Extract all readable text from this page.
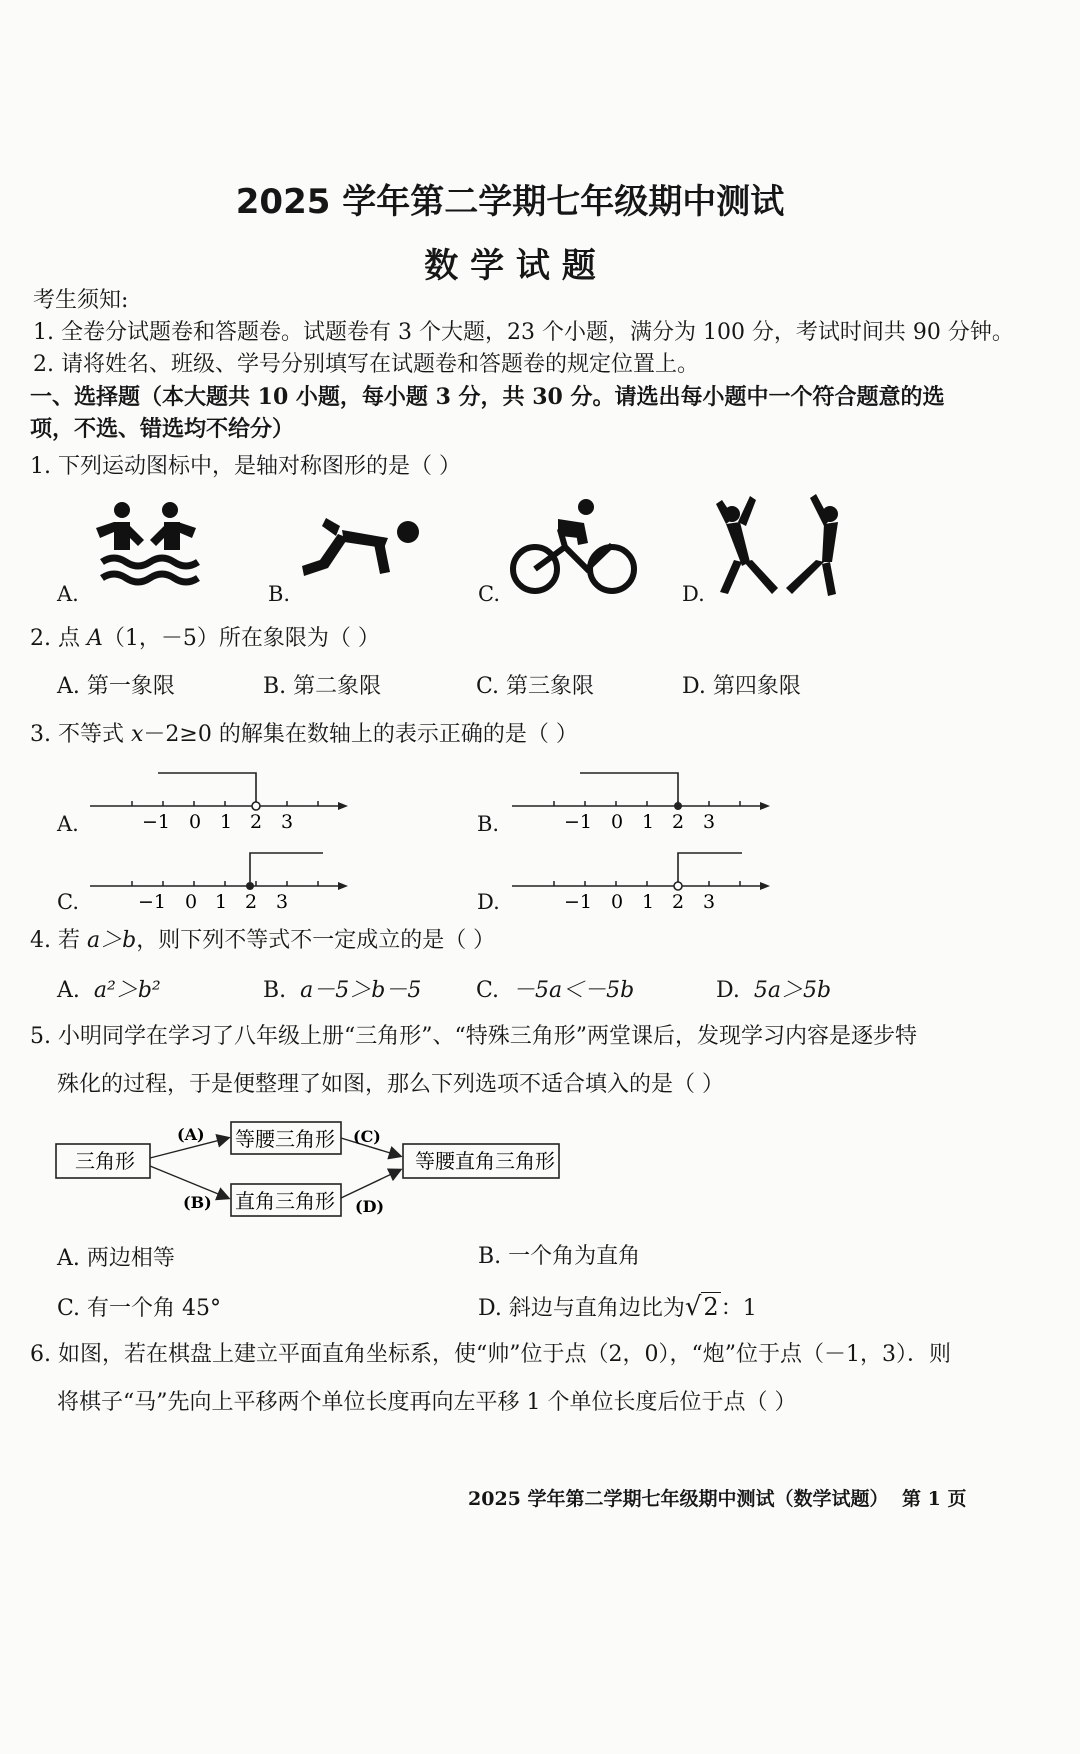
2025 学年第二学期七年级期中测试
数 学 试 题
考生须知:
1. 全卷分试题卷和答题卷。试题卷有 3 个大题，23 个小题，满分为 100 分，考试时间共 90 分钟。
2. 请将姓名、班级、学号分别填写在试题卷和答题卷的规定位置上。
一、选择题（本大题共 10 小题，每小题 3 分，共 30 分。请选出每小题中一个符合题意的选
项，不选、错选均不给分）
1. 下列运动图标中，是轴对称图形的是（ ）
A.	B.	C.	D.
2. 点 A（1，－5）所在象限为（ ）
A. 第一象限	B. 第二象限	C. 第三象限	D. 第四象限
3. 不等式 x－2≥0 的解集在数轴上的表示正确的是（ ）
A.	B.
C.	D.
−1 0 1 2 3	−1 0 1 2 3
−1 0 1 2 3	−1 0 1 2 3
4. 若 a＞b，则下列不等式不一定成立的是（ ）
A. a²＞b²	B. a－5＞b－5 C. －5a＜－5b	D. 5a＞5b
5. 小明同学在学习了八年级上册“三角形”、“特殊三角形”两堂课后，发现学习内容是逐步特
殊化的过程，于是便整理了如图，那么下列选项不适合填入的是（ ）
三角形
等腰三角形
直角三角形
等腰直角三角形
(A)
(B)
(C)
(D)
A. 两边相等	B. 一个角为直角
C. 有一个角 45°	D. 斜边与直角边比为√2：1
6. 如图，若在棋盘上建立平面直角坐标系，使“帅”位于点（2，0），“炮”位于点（－1，3）．则
将棋子“马”先向上平移两个单位长度再向左平移 1 个单位长度后位于点（ ）
2025 学年第二学期七年级期中测试（数学试题） 第 1 页
